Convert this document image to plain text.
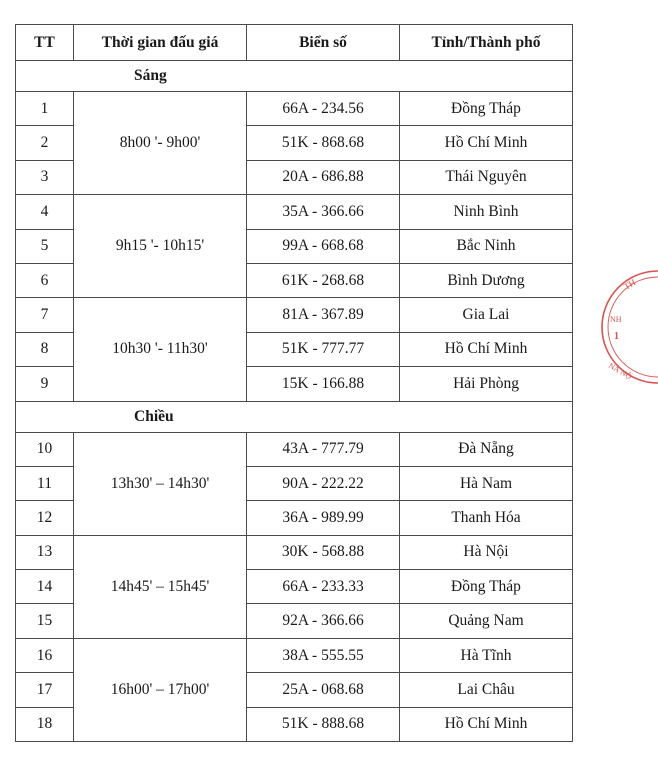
TT	Thời gian đấu giá	Biển số	Tỉnh/Thành phố
Sáng			
1	8h00 '- 9h00'	66A - 234.56	Đồng Tháp
2		51K - 868.68	Hồ Chí Minh
3		20A - 686.88	Thái Nguyên
4	9h15 '- 10h15'	35A - 366.66	Ninh Bình
5		99A - 668.68	Bắc Ninh
6		61K - 268.68	Bình Dương
7	10h30 '- 11h30'	81A - 367.89	Gia Lai
8		51K - 777.77	Hồ Chí Minh
9		15K - 166.88	Hải Phòng
Chiều			
10	13h30' – 14h30'	43A - 777.79	Đà Nẵng
11		90A - 222.22	Hà Nam
12		36A - 989.99	Thanh Hóa
13	14h45' – 15h45'	30K - 568.88	Hà Nội
14		66A - 233.33	Đồng Tháp
15		92A - 366.66	Quảng Nam
16	16h00' – 17h00'	38A - 555.55	Hà Tĩnh
17		25A - 068.68	Lai Châu
18		51K - 888.68	Hồ Chí Minh
TH
NH
1
NÀ NỘ
